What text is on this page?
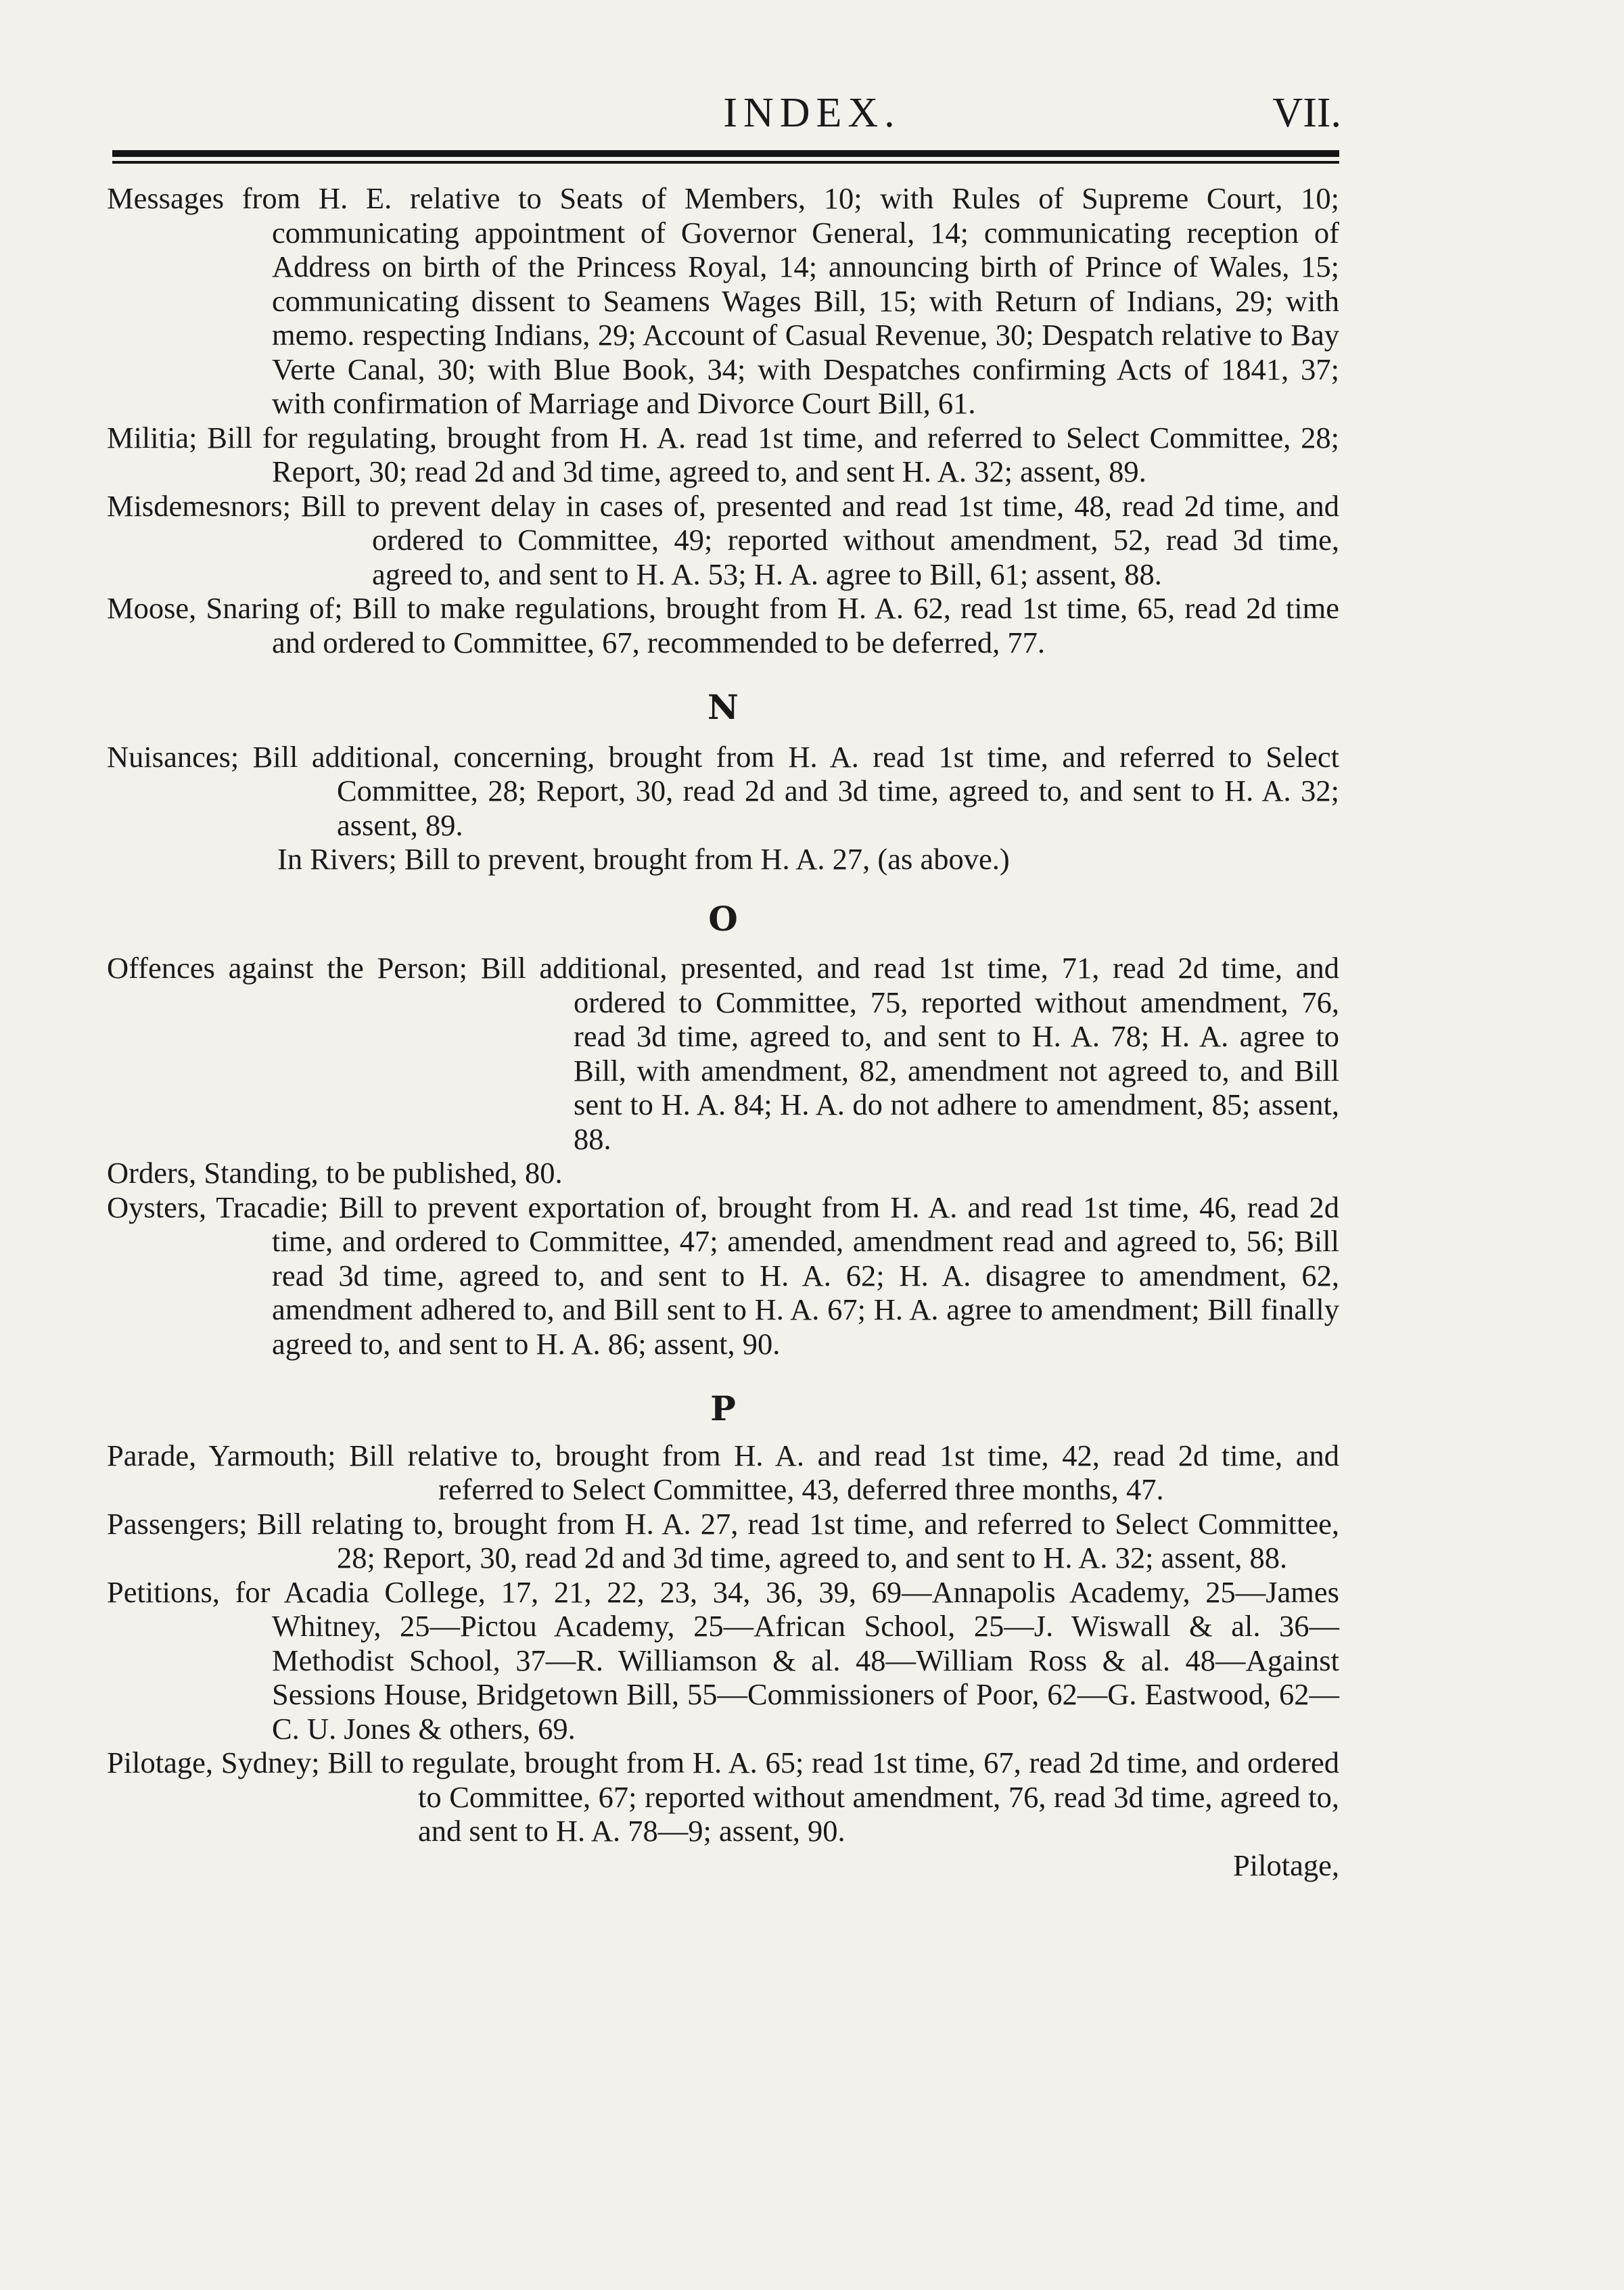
INDEX.	VII.

Messages from H. E. relative to Seats of Members, 10; with Rules of Supreme Court, 10; communicating appointment of Governor General, 14; communicating reception of Address on birth of the Princess Royal, 14; announcing birth of Prince of Wales, 15; communicating dissent to Seamens Wages Bill, 15; with Return of Indians, 29; with memo. respecting Indians, 29; Account of Casual Revenue, 30; Despatch relative to Bay Verte Canal, 30; with Blue Book, 34; with Despatches confirming Acts of 1841, 37; with confirmation of Marriage and Divorce Court Bill, 61.

Militia; Bill for regulating, brought from H. A. read 1st time, and referred to Select Committee, 28; Report, 30; read 2d and 3d time, agreed to, and sent H. A. 32; assent, 89.

Misdemesnors; Bill to prevent delay in cases of, presented and read 1st time, 48, read 2d time, and ordered to Committee, 49; reported without amendment, 52, read 3d time, agreed to, and sent to H. A. 53; H. A. agree to Bill, 61; assent, 88.

Moose, Snaring of; Bill to make regulations, brought from H. A. 62, read 1st time, 65, read 2d time and ordered to Committee, 67, recommended to be deferred, 77.

N

Nuisances; Bill additional, concerning, brought from H. A. read 1st time, and referred to Select Committee, 28; Report, 30, read 2d and 3d time, agreed to, and sent to H. A. 32; assent, 89.

In Rivers; Bill to prevent, brought from H. A. 27, (as above.)

O

Offences against the Person; Bill additional, presented, and read 1st time, 71, read 2d time, and ordered to Committee, 75, reported without amendment, 76, read 3d time, agreed to, and sent to H. A. 78; H. A. agree to Bill, with amendment, 82, amendment not agreed to, and Bill sent to H. A. 84; H. A. do not adhere to amendment, 85; assent, 88.

Orders, Standing, to be published, 80.

Oysters, Tracadie; Bill to prevent exportation of, brought from H. A. and read 1st time, 46, read 2d time, and ordered to Committee, 47; amended, amendment read and agreed to, 56; Bill read 3d time, agreed to, and sent to H. A. 62; H. A. disagree to amendment, 62, amendment adhered to, and Bill sent to H. A. 67; H. A. agree to amendment; Bill finally agreed to, and sent to H. A. 86; assent, 90.

P

Parade, Yarmouth; Bill relative to, brought from H. A. and read 1st time, 42, read 2d time, and referred to Select Committee, 43, deferred three months, 47.

Passengers; Bill relating to, brought from H. A. 27, read 1st time, and referred to Select Committee, 28; Report, 30, read 2d and 3d time, agreed to, and sent to H. A. 32; assent, 88.

Petitions, for Acadia College, 17, 21, 22, 23, 34, 36, 39, 69—Annapolis Academy, 25—James Whitney, 25—Pictou Academy, 25—African School, 25—J. Wiswall & al. 36—Methodist School, 37—R. Williamson & al. 48—William Ross & al. 48—Against Sessions House, Bridgetown Bill, 55—Commissioners of Poor, 62—G. Eastwood, 62—C. U. Jones & others, 69.

Pilotage, Sydney; Bill to regulate, brought from H. A. 65; read 1st time, 67, read 2d time, and ordered to Committee, 67; reported without amendment, 76, read 3d time, agreed to, and sent to H. A. 78—9; assent, 90.

Pilotage,
